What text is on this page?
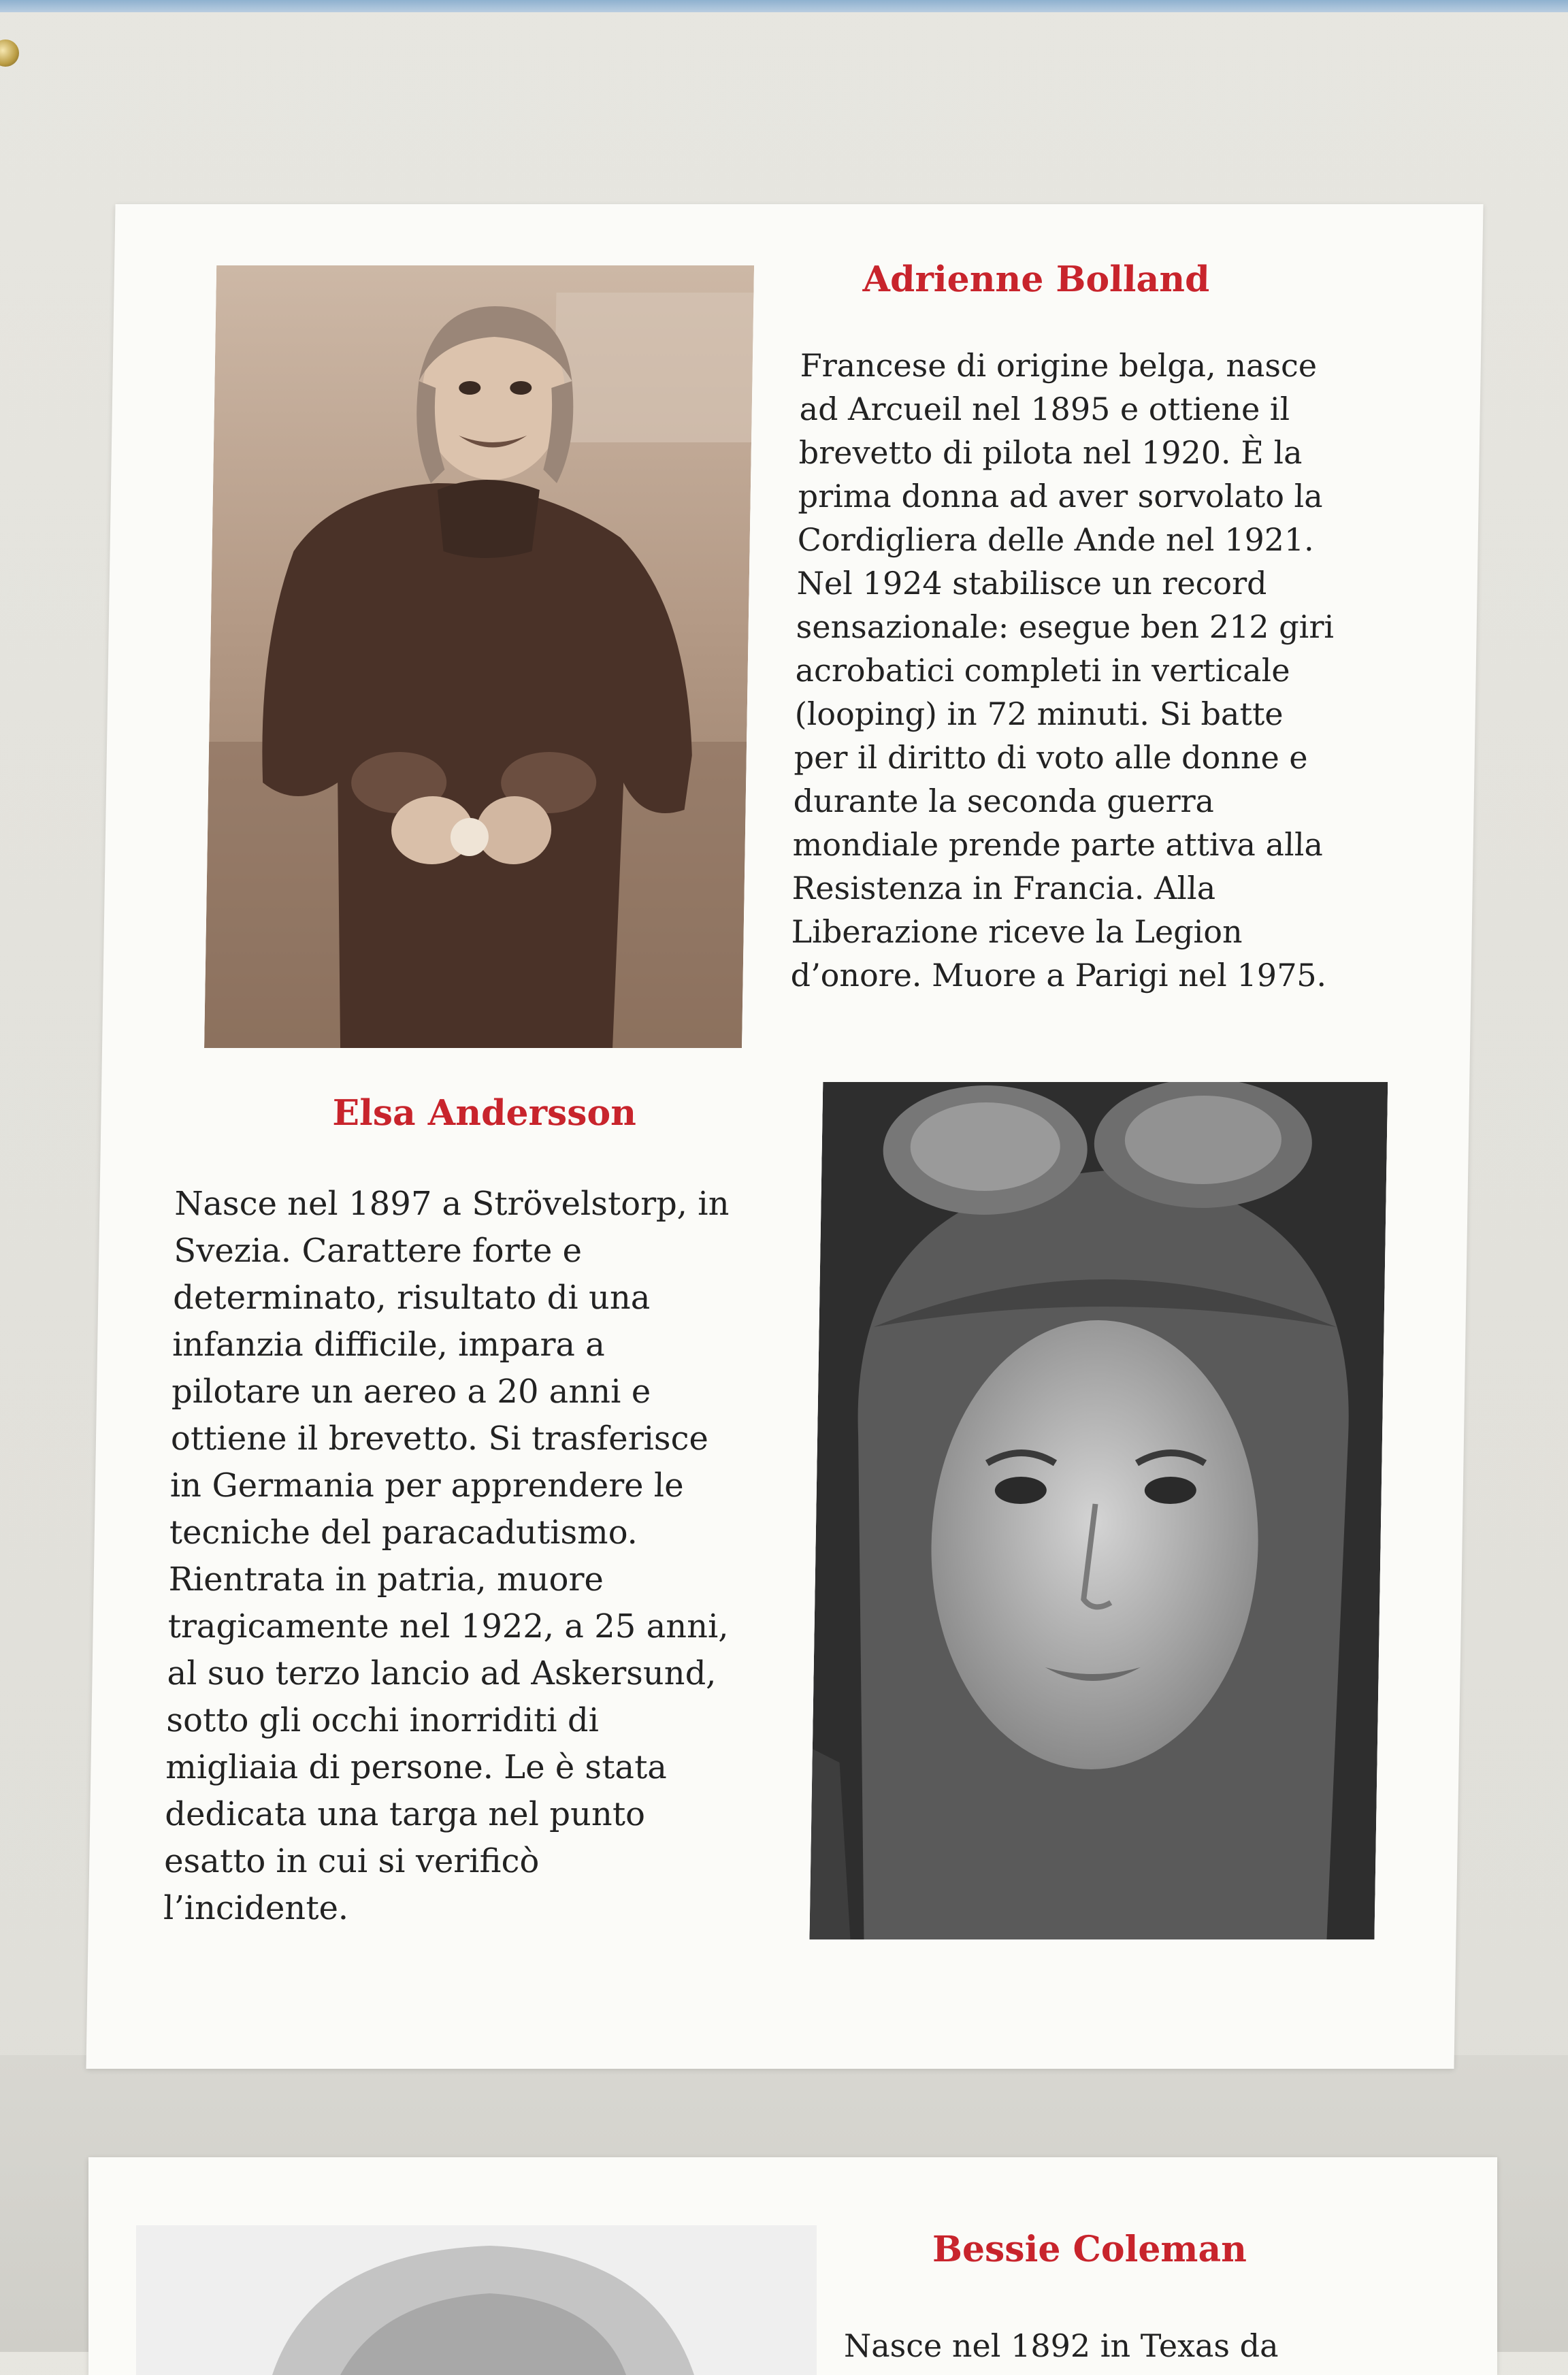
Adrienne Bolland
Francese di origine belga, nasce
ad Arcueil nel 1895 e ottiene il
brevetto di pilota nel 1920. È la
prima donna ad aver sorvolato la
Cordigliera delle Ande nel 1921.
Nel 1924 stabilisce un record
sensazionale: esegue ben 212 giri
acrobatici completi in verticale
(looping) in 72 minuti. Si batte
per il diritto di voto alle donne e
durante la seconda guerra
mondiale prende parte attiva alla
Resistenza in Francia. Alla
Liberazione riceve la Legion
d’onore. Muore a Parigi nel 1975.
Elsa Andersson
Nasce nel 1897 a Strövelstorp, in
Svezia. Carattere forte e
determinato, risultato di una
infanzia difficile, impara a
pilotare un aereo a 20 anni e
ottiene il brevetto. Si trasferisce
in Germania per apprendere le
tecniche del paracadutismo.
Rientrata in patria, muore
tragicamente nel 1922, a 25 anni,
al suo terzo lancio ad Askersund,
sotto gli occhi inorriditi di
migliaia di persone. Le è stata
dedicata una targa nel punto
esatto in cui si verificò
l’incidente.
Bessie Coleman
Nasce nel 1892 in Texas da
